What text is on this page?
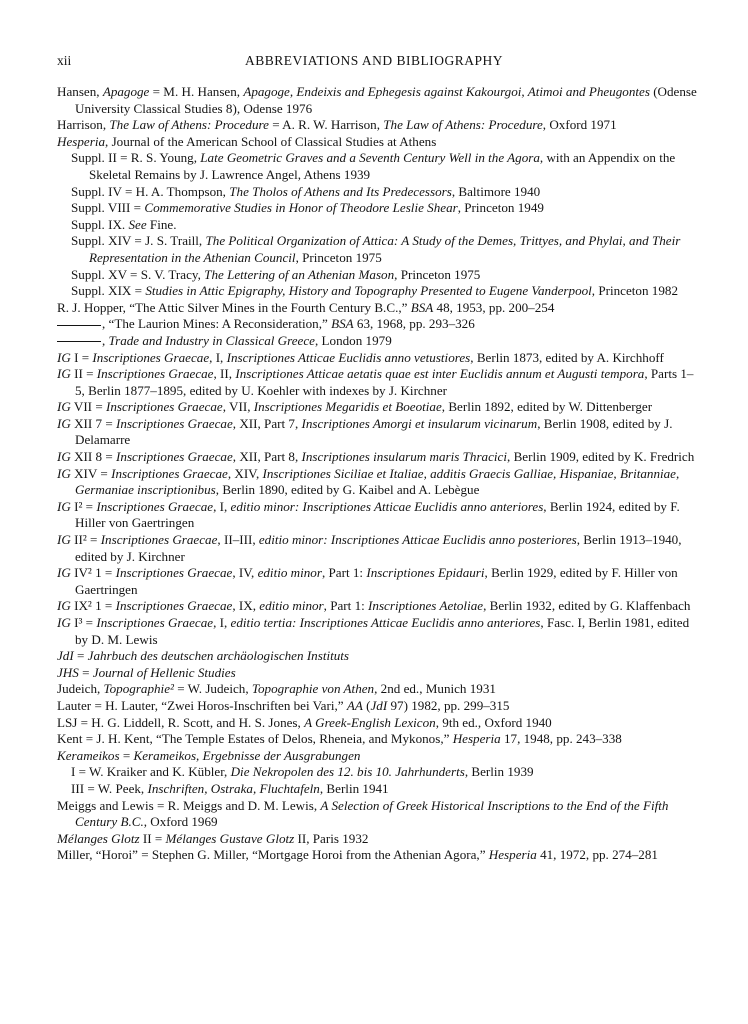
xii	ABBREVIATIONS AND BIBLIOGRAPHY
Hansen, Apagoge = M. H. Hansen, Apagoge, Endeixis and Ephegesis against Kakourgoi, Atimoi and Pheugontes (Odense University Classical Studies 8), Odense 1976
Harrison, The Law of Athens: Procedure = A. R. W. Harrison, The Law of Athens: Procedure, Oxford 1971
Hesperia, Journal of the American School of Classical Studies at Athens
Suppl. II = R. S. Young, Late Geometric Graves and a Seventh Century Well in the Agora, with an Appendix on the Skeletal Remains by J. Lawrence Angel, Athens 1939
Suppl. IV = H. A. Thompson, The Tholos of Athens and Its Predecessors, Baltimore 1940
Suppl. VIII = Commemorative Studies in Honor of Theodore Leslie Shear, Princeton 1949
Suppl. IX. See Fine.
Suppl. XIV = J. S. Traill, The Political Organization of Attica: A Study of the Demes, Trittyes, and Phylai, and Their Representation in the Athenian Council, Princeton 1975
Suppl. XV = S. V. Tracy, The Lettering of an Athenian Mason, Princeton 1975
Suppl. XIX = Studies in Attic Epigraphy, History and Topography Presented to Eugene Vanderpool, Princeton 1982
R. J. Hopper, “The Attic Silver Mines in the Fourth Century B.C.,” BSA 48, 1953, pp. 200–254
, “The Laurion Mines: A Reconsideration,” BSA 63, 1968, pp. 293–326
, Trade and Industry in Classical Greece, London 1979
IG I = Inscriptiones Graecae, I, Inscriptiones Atticae Euclidis anno vetustiores, Berlin 1873, edited by A. Kirchhoff
IG II = Inscriptiones Graecae, II, Inscriptiones Atticae aetatis quae est inter Euclidis annum et Augusti tempora, Parts 1–5, Berlin 1877–1895, edited by U. Koehler with indexes by J. Kirchner
IG VII = Inscriptiones Graecae, VII, Inscriptiones Megaridis et Boeotiae, Berlin 1892, edited by W. Dittenberger
IG XII 7 = Inscriptiones Graecae, XII, Part 7, Inscriptiones Amorgi et insularum vicinarum, Berlin 1908, edited by J. Delamarre
IG XII 8 = Inscriptiones Graecae, XII, Part 8, Inscriptiones insularum maris Thracici, Berlin 1909, edited by K. Fredrich
IG XIV = Inscriptiones Graecae, XIV, Inscriptiones Siciliae et Italiae, additis Graecis Galliae, Hispaniae, Britanniae, Germaniae inscriptionibus, Berlin 1890, edited by G. Kaibel and A. Lebègue
IG I² = Inscriptiones Graecae, I, editio minor: Inscriptiones Atticae Euclidis anno anteriores, Berlin 1924, edited by F. Hiller von Gaertringen
IG II² = Inscriptiones Graecae, II–III, editio minor: Inscriptiones Atticae Euclidis anno posteriores, Berlin 1913–1940, edited by J. Kirchner
IG IV² 1 = Inscriptiones Graecae, IV, editio minor, Part 1: Inscriptiones Epidauri, Berlin 1929, edited by F. Hiller von Gaertringen
IG IX² 1 = Inscriptiones Graecae, IX, editio minor, Part 1: Inscriptiones Aetoliae, Berlin 1932, edited by G. Klaffenbach
IG I³ = Inscriptiones Graecae, I, editio tertia: Inscriptiones Atticae Euclidis anno anteriores, Fasc. I, Berlin 1981, edited by D. M. Lewis
JdI = Jahrbuch des deutschen archäologischen Instituts
JHS = Journal of Hellenic Studies
Judeich, Topographie² = W. Judeich, Topographie von Athen, 2nd ed., Munich 1931
Lauter = H. Lauter, “Zwei Horos-Inschriften bei Vari,” AA (JdI 97) 1982, pp. 299–315
LSJ = H. G. Liddell, R. Scott, and H. S. Jones, A Greek-English Lexicon, 9th ed., Oxford 1940
Kent = J. H. Kent, “The Temple Estates of Delos, Rheneia, and Mykonos,” Hesperia 17, 1948, pp. 243–338
Kerameikos = Kerameikos, Ergebnisse der Ausgrabungen
I = W. Kraiker and K. Kübler, Die Nekropolen des 12. bis 10. Jahrhunderts, Berlin 1939
III = W. Peek, Inschriften, Ostraka, Fluchtafeln, Berlin 1941
Meiggs and Lewis = R. Meiggs and D. M. Lewis, A Selection of Greek Historical Inscriptions to the End of the Fifth Century B.C., Oxford 1969
Mélanges Glotz II = Mélanges Gustave Glotz II, Paris 1932
Miller, “Horoi” = Stephen G. Miller, “Mortgage Horoi from the Athenian Agora,” Hesperia 41, 1972, pp. 274–281
